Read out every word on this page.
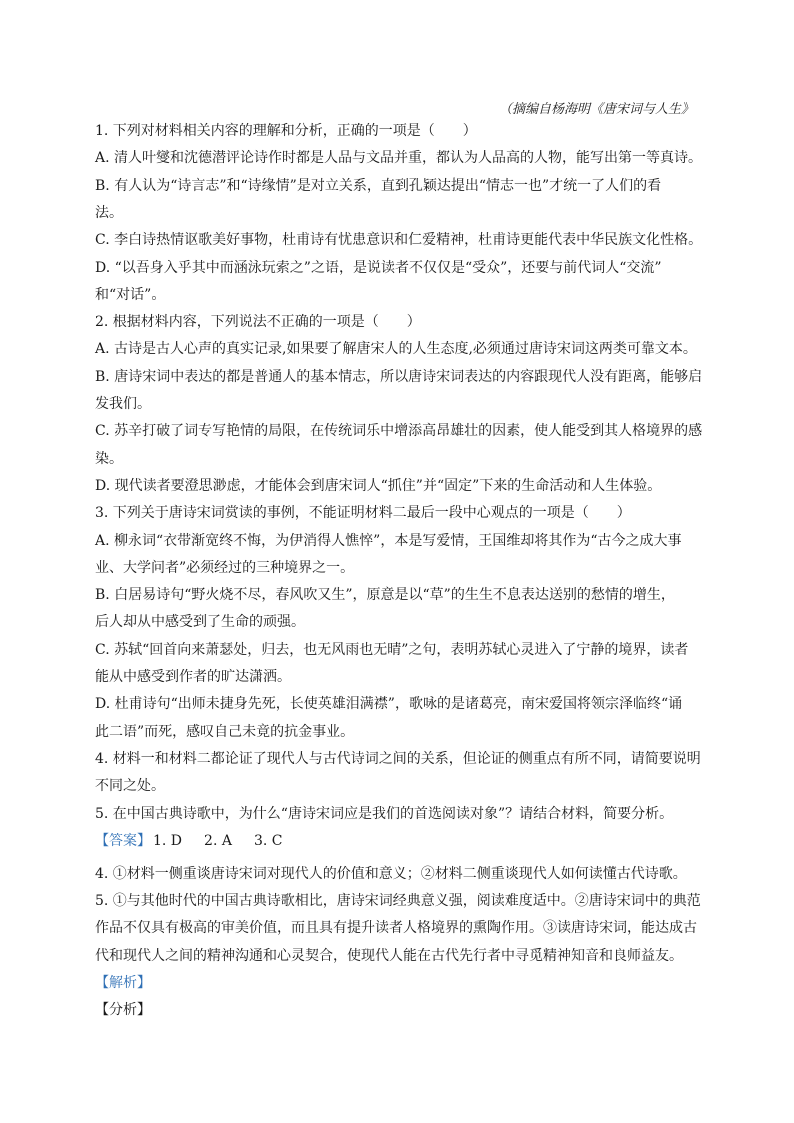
（摘编自杨海明《唐宋词与人生》
1. 下列对材料相关内容的理解和分析，正确的一项是（　　）
A. 清人叶燮和沈德潜评论诗作时都是人品与文品并重，都认为人品高的人物，能写出第一等真诗。
B. 有人认为“诗言志”和“诗缘情”是对立关系，直到孔颖达提出“情志一也”才统一了人们的看
法。
C. 李白诗热情讴歌美好事物，杜甫诗有忧患意识和仁爱精神，杜甫诗更能代表中华民族文化性格。
D. “以吾身入乎其中而涵泳玩索之”之语，是说读者不仅仅是“受众”，还要与前代词人“交流”
和“对话”。
2. 根据材料内容，下列说法不正确的一项是（　　）
A. 古诗是古人心声的真实记录,如果要了解唐宋人的人生态度,必须通过唐诗宋词这两类可靠文本。
B. 唐诗宋词中表达的都是普通人的基本情志，所以唐诗宋词表达的内容跟现代人没有距离，能够启
发我们。
C. 苏辛打破了词专写艳情的局限，在传统词乐中增添高昂雄壮的因素，使人能受到其人格境界的感
染。
D. 现代读者要澄思渺虑，才能体会到唐宋词人“抓住”并“固定”下来的生命活动和人生体验。
3. 下列关于唐诗宋词赏读的事例，不能证明材料二最后一段中心观点的一项是（　　）
A. 柳永词“衣带渐宽终不悔，为伊消得人憔悴”，本是写爱情，王国维却将其作为“古今之成大事
业、大学问者”必须经过的三种境界之一。
B. 白居易诗句“野火烧不尽，春风吹又生”，原意是以“草”的生生不息表达送别的愁情的增生，
后人却从中感受到了生命的顽强。
C. 苏轼“回首向来萧瑟处，归去，也无风雨也无晴”之句，表明苏轼心灵进入了宁静的境界，读者
能从中感受到作者的旷达潇洒。
D. 杜甫诗句“出师未捷身先死，长使英雄泪满襟”，歌咏的是诸葛亮，南宋爱国将领宗泽临终“诵
此二语”而死，感叹自己未竟的抗金事业。
4. 材料一和材料二都论证了现代人与古代诗词之间的关系，但论证的侧重点有所不同，请简要说明
不同之处。
5. 在中国古典诗歌中，为什么“唐诗宋词应是我们的首选阅读对象”？请结合材料，简要分析。
【答案】 1. D 2. A 3. C
4. ①材料一侧重谈唐诗宋词对现代人的价值和意义；②材料二侧重谈现代人如何读懂古代诗歌。
5. ①与其他时代的中国古典诗歌相比，唐诗宋词经典意义强，阅读难度适中。②唐诗宋词中的典范
作品不仅具有极高的审美价值，而且具有提升读者人格境界的熏陶作用。③读唐诗宋词，能达成古
代和现代人之间的精神沟通和心灵契合，使现代人能在古代先行者中寻觅精神知音和良师益友。
【解析】
【分析】
